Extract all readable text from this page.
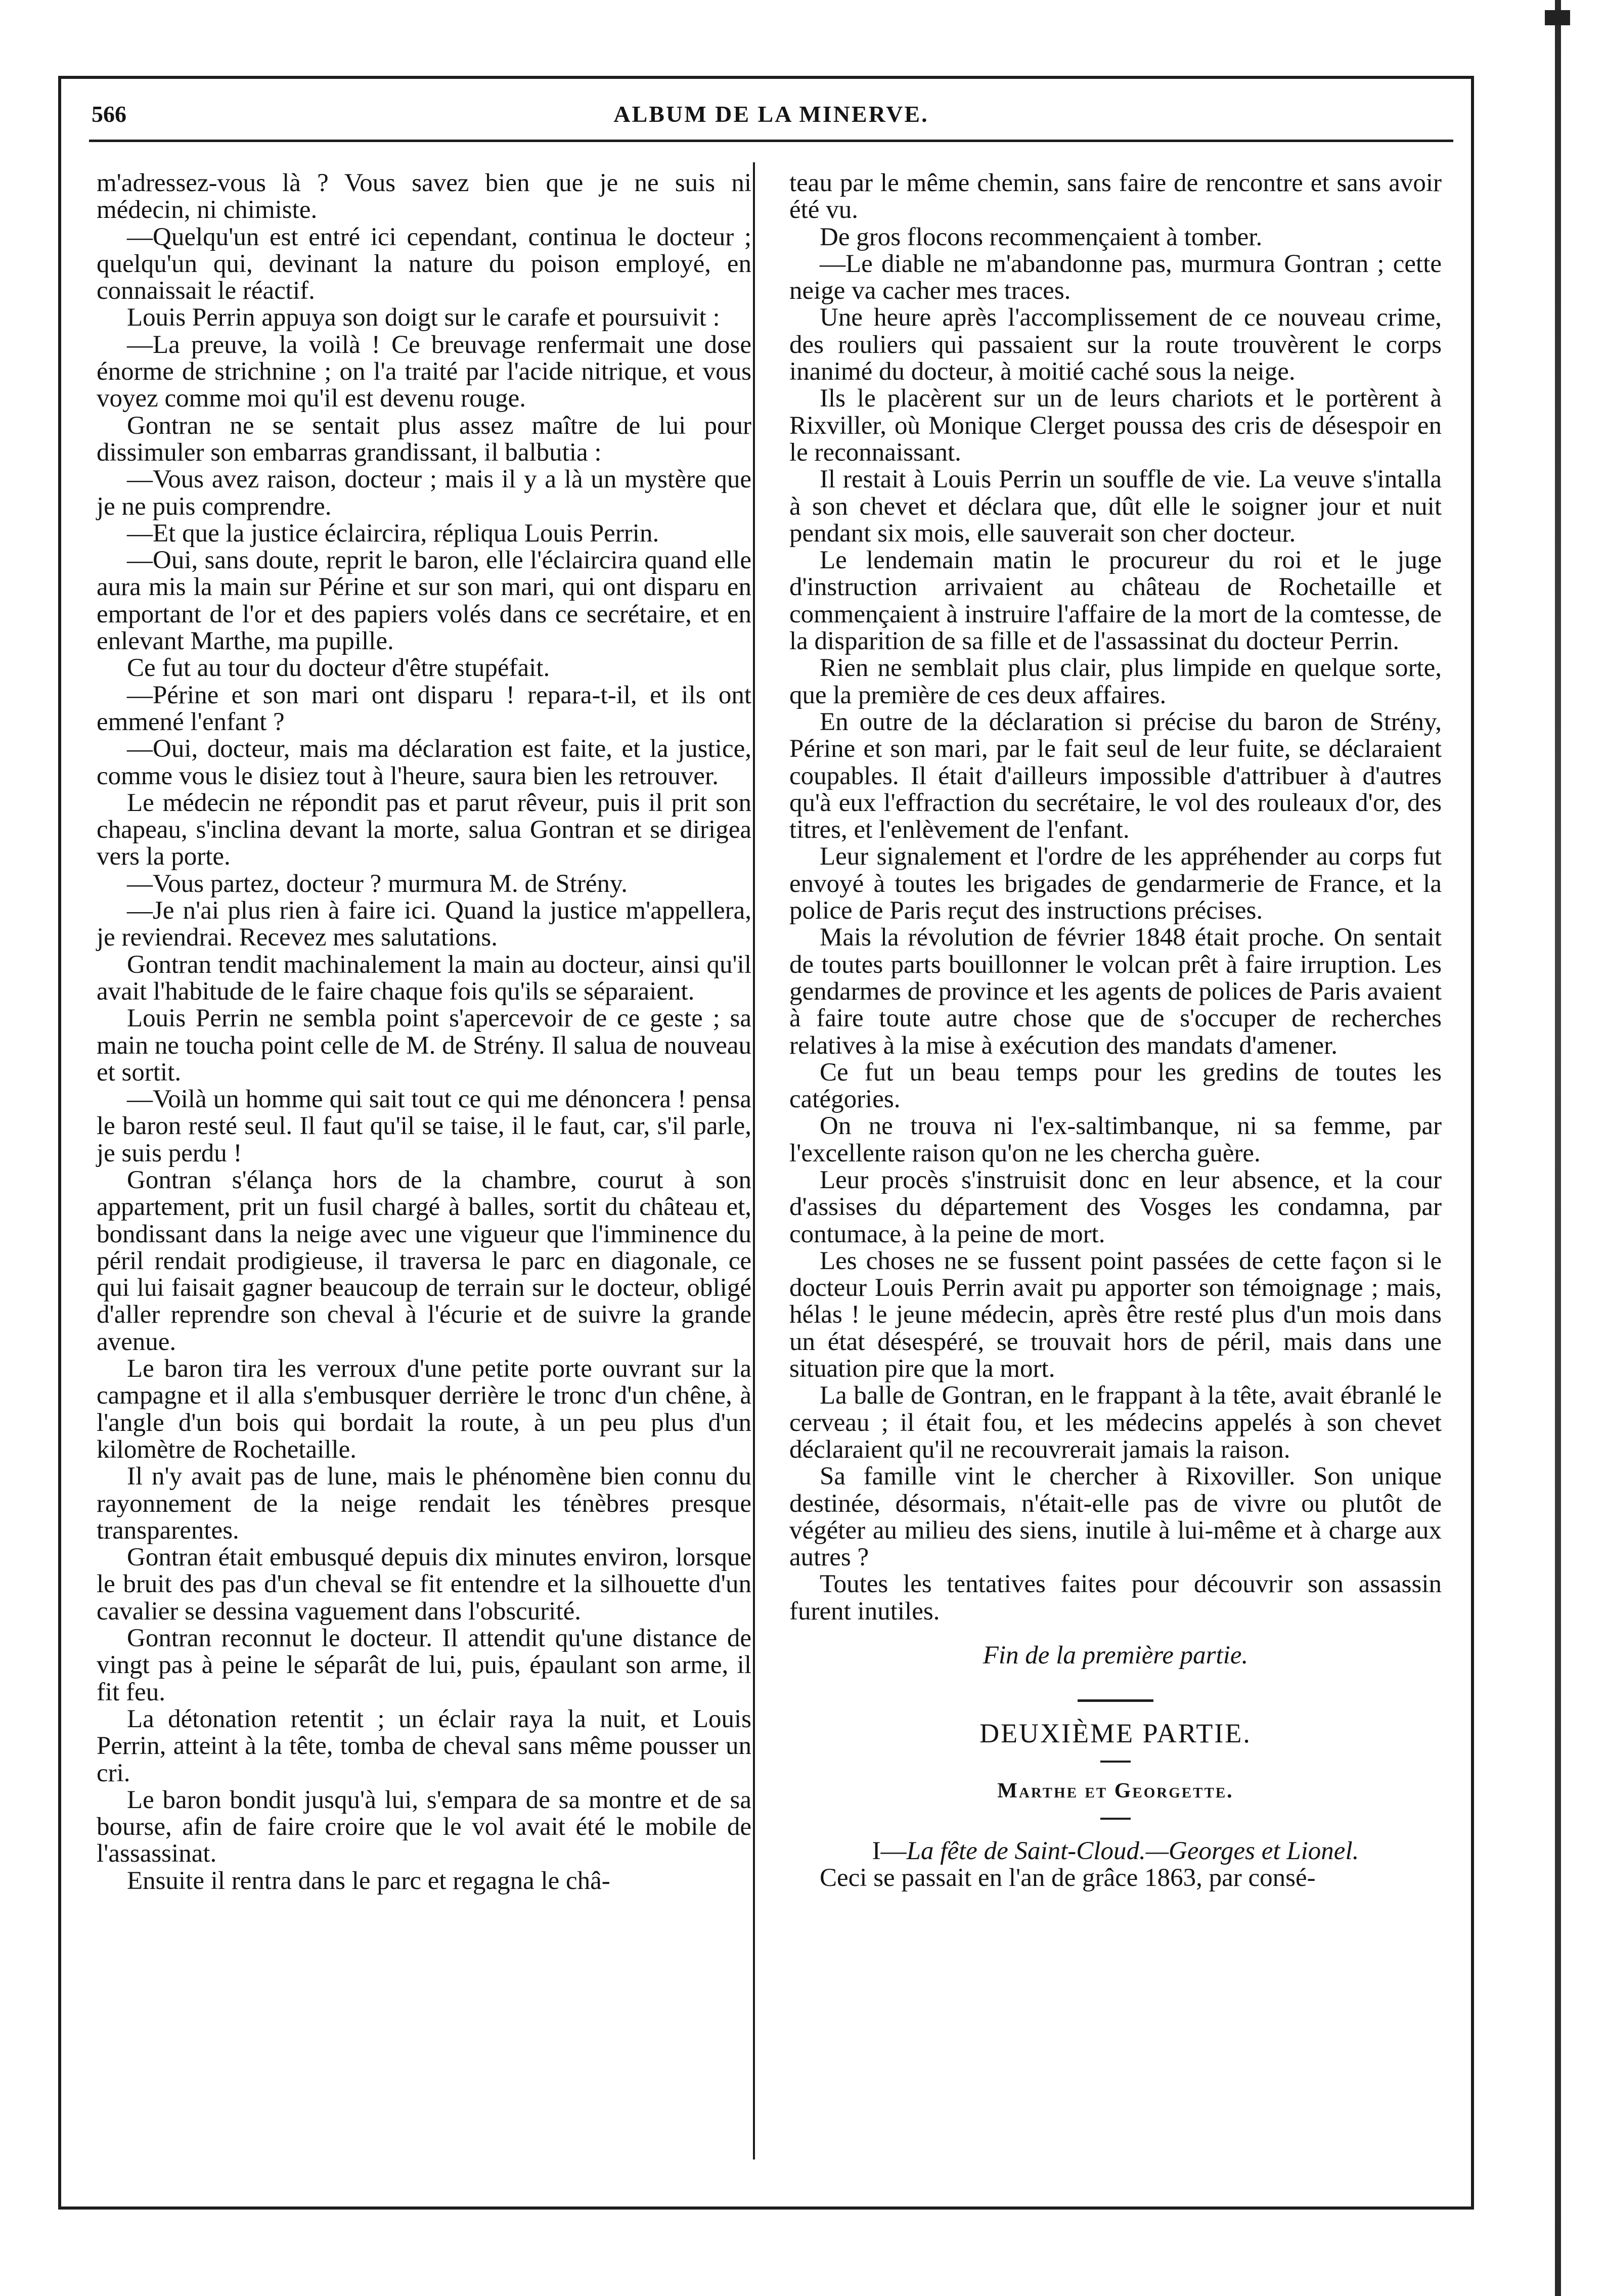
566	ALBUM DE LA MINERVE.

m'adressez-vous là ? Vous savez bien que je ne suis ni médecin, ni chimiste.

—Quelqu'un est entré ici cependant, continua le docteur ; quelqu'un qui, devinant la nature du poison employé, en connaissait le réactif.

Louis Perrin appuya son doigt sur le carafe et poursuivit :

—La preuve, la voilà ! Ce breuvage renfermait une dose énorme de strichnine ; on l'a traité par l'acide nitrique, et vous voyez comme moi qu'il est devenu rouge.

Gontran ne se sentait plus assez maître de lui pour dissimuler son embarras grandissant, il balbutia :

—Vous avez raison, docteur ; mais il y a là un mystère que je ne puis comprendre.

—Et que la justice éclaircira, répliqua Louis Perrin.

—Oui, sans doute, reprit le baron, elle l'éclaircira quand elle aura mis la main sur Périne et sur son mari, qui ont disparu en emportant de l'or et des papiers volés dans ce secrétaire, et en enlevant Marthe, ma pupille.

Ce fut au tour du docteur d'être stupéfait.

—Périne et son mari ont disparu ! repara-t-il, et ils ont emmené l'enfant ?

—Oui, docteur, mais ma déclaration est faite, et la justice, comme vous le disiez tout à l'heure, saura bien les retrouver.

Le médecin ne répondit pas et parut rêveur, puis il prit son chapeau, s'inclina devant la morte, salua Gontran et se dirigea vers la porte.

—Vous partez, docteur ? murmura M. de Strény.

—Je n'ai plus rien à faire ici. Quand la justice m'appellera, je reviendrai. Recevez mes salutations.

Gontran tendit machinalement la main au docteur, ainsi qu'il avait l'habitude de le faire chaque fois qu'ils se séparaient.

Louis Perrin ne sembla point s'apercevoir de ce geste ; sa main ne toucha point celle de M. de Strény. Il salua de nouveau et sortit.

—Voilà un homme qui sait tout ce qui me dénoncera ! pensa le baron resté seul. Il faut qu'il se taise, il le faut, car, s'il parle, je suis perdu !

Gontran s'élança hors de la chambre, courut à son appartement, prit un fusil chargé à balles, sortit du château et, bondissant dans la neige avec une vigueur que l'imminence du péril rendait prodigieuse, il traversa le parc en diagonale, ce qui lui faisait gagner beaucoup de terrain sur le docteur, obligé d'aller reprendre son cheval à l'écurie et de suivre la grande avenue.

Le baron tira les verroux d'une petite porte ouvrant sur la campagne et il alla s'embusquer derrière le tronc d'un chêne, à l'angle d'un bois qui bordait la route, à un peu plus d'un kilomètre de Rochetaille.

Il n'y avait pas de lune, mais le phénomène bien connu du rayonnement de la neige rendait les ténèbres presque transparentes.

Gontran était embusqué depuis dix minutes environ, lorsque le bruit des pas d'un cheval se fit entendre et la silhouette d'un cavalier se dessina vaguement dans l'obscurité.

Gontran reconnut le docteur. Il attendit qu'une distance de vingt pas à peine le séparât de lui, puis, épaulant son arme, il fit feu.

La détonation retentit ; un éclair raya la nuit, et Louis Perrin, atteint à la tête, tomba de cheval sans même pousser un cri.

Le baron bondit jusqu'à lui, s'empara de sa montre et de sa bourse, afin de faire croire que le vol avait été le mobile de l'assassinat.

Ensuite il rentra dans le parc et regagna le châ-

teau par le même chemin, sans faire de rencontre et sans avoir été vu.

De gros flocons recommençaient à tomber.

—Le diable ne m'abandonne pas, murmura Gontran ; cette neige va cacher mes traces.

Une heure après l'accomplissement de ce nouveau crime, des rouliers qui passaient sur la route trouvèrent le corps inanimé du docteur, à moitié caché sous la neige.

Ils le placèrent sur un de leurs chariots et le portèrent à Rixviller, où Monique Clerget poussa des cris de désespoir en le reconnaissant.

Il restait à Louis Perrin un souffle de vie. La veuve s'intalla à son chevet et déclara que, dût elle le soigner jour et nuit pendant six mois, elle sauverait son cher docteur.

Le lendemain matin le procureur du roi et le juge d'instruction arrivaient au château de Rochetaille et commençaient à instruire l'affaire de la mort de la comtesse, de la disparition de sa fille et de l'assassinat du docteur Perrin.

Rien ne semblait plus clair, plus limpide en quelque sorte, que la première de ces deux affaires.

En outre de la déclaration si précise du baron de Strény, Périne et son mari, par le fait seul de leur fuite, se déclaraient coupables. Il était d'ailleurs impossible d'attribuer à d'autres qu'à eux l'effraction du secrétaire, le vol des rouleaux d'or, des titres, et l'enlèvement de l'enfant.

Leur signalement et l'ordre de les appréhender au corps fut envoyé à toutes les brigades de gendarmerie de France, et la police de Paris reçut des instructions précises.

Mais la révolution de février 1848 était proche. On sentait de toutes parts bouillonner le volcan prêt à faire irruption. Les gendarmes de province et les agents de polices de Paris avaient à faire toute autre chose que de s'occuper de recherches relatives à la mise à exécution des mandats d'amener.

Ce fut un beau temps pour les gredins de toutes les catégories.

On ne trouva ni l'ex-saltimbanque, ni sa femme, par l'excellente raison qu'on ne les chercha guère.

Leur procès s'instruisit donc en leur absence, et la cour d'assises du département des Vosges les condamna, par contumace, à la peine de mort.

Les choses ne se fussent point passées de cette façon si le docteur Louis Perrin avait pu apporter son témoignage ; mais, hélas ! le jeune médecin, après être resté plus d'un mois dans un état désespéré, se trouvait hors de péril, mais dans une situation pire que la mort.

La balle de Gontran, en le frappant à la tête, avait ébranlé le cerveau ; il était fou, et les médecins appelés à son chevet déclaraient qu'il ne recouvrerait jamais la raison.

Sa famille vint le chercher à Rixoviller. Son unique destinée, désormais, n'était-elle pas de vivre ou plutôt de végéter au milieu des siens, inutile à lui-même et à charge aux autres ?

Toutes les tentatives faites pour découvrir son assassin furent inutiles.

Fin de la première partie.

DEUXIÈME PARTIE.

Marthe et Georgette.

I—La fête de Saint-Cloud.—Georges et Lionel.

Ceci se passait en l'an de grâce 1863, par consé-
